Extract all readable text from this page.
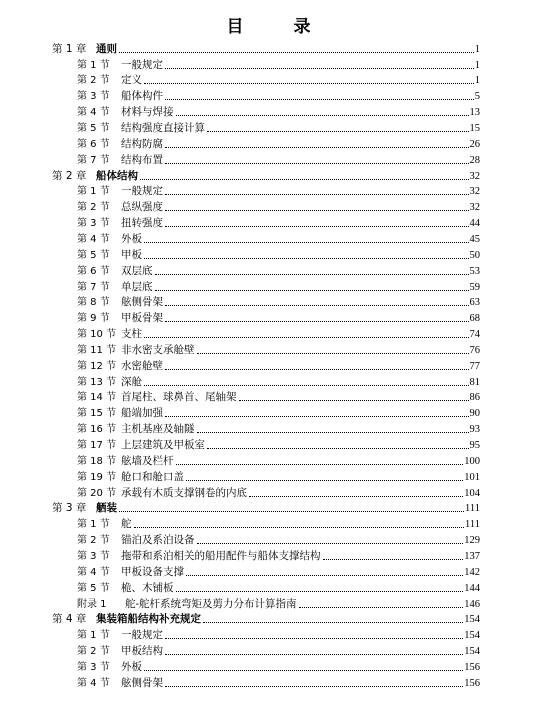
目 录
第 1 章 通则	1
第 1 节	一般规定	1
第 2 节	定义	1
第 3 节	船体构件	5
第 4 节	材料与焊接	13
第 5 节	结构强度直接计算	15
第 6 节	结构防腐	26
第 7 节	结构布置	28
第 2 章 船体结构	32
第 1 节	一般规定	32
第 2 节	总纵强度	32
第 3 节	扭转强度	44
第 4 节	外板	45
第 5 节	甲板	50
第 6 节	双层底	53
第 7 节	单层底	59
第 8 节	舷侧骨架	63
第 9 节	甲板骨架	68
第 10 节 支柱	74
第 11 节 非水密支承舱壁	76
第 12 节 水密舱壁	77
第 13 节 深舱	81
第 14 节 首尾柱、球鼻首、尾轴架	86
第 15 节 船端加强	90
第 16 节 主机基座及轴隧	93
第 17 节 上层建筑及甲板室	95
第 18 节 舷墙及栏杆	100
第 19 节 舱口和舱口盖	101
第 20 节 承载有木质支撑钢卷的内底	104
第 3 章 舾装	111
第 1 节	舵	111
第 2 节	锚泊及系泊设备	129
第 3 节	拖带和系泊相关的船用配件与船体支撑结构	137
第 4 节	甲板设备支撑	142
第 5 节	桅、木铺板	144
附录 1	舵-舵杆系统弯矩及剪力分布计算指南	146
第 4 章 集装箱船结构补充规定	154
第 1 节	一般规定	154
第 2 节	甲板结构	154
第 3 节	外板	156
第 4 节	舷侧骨架	156
